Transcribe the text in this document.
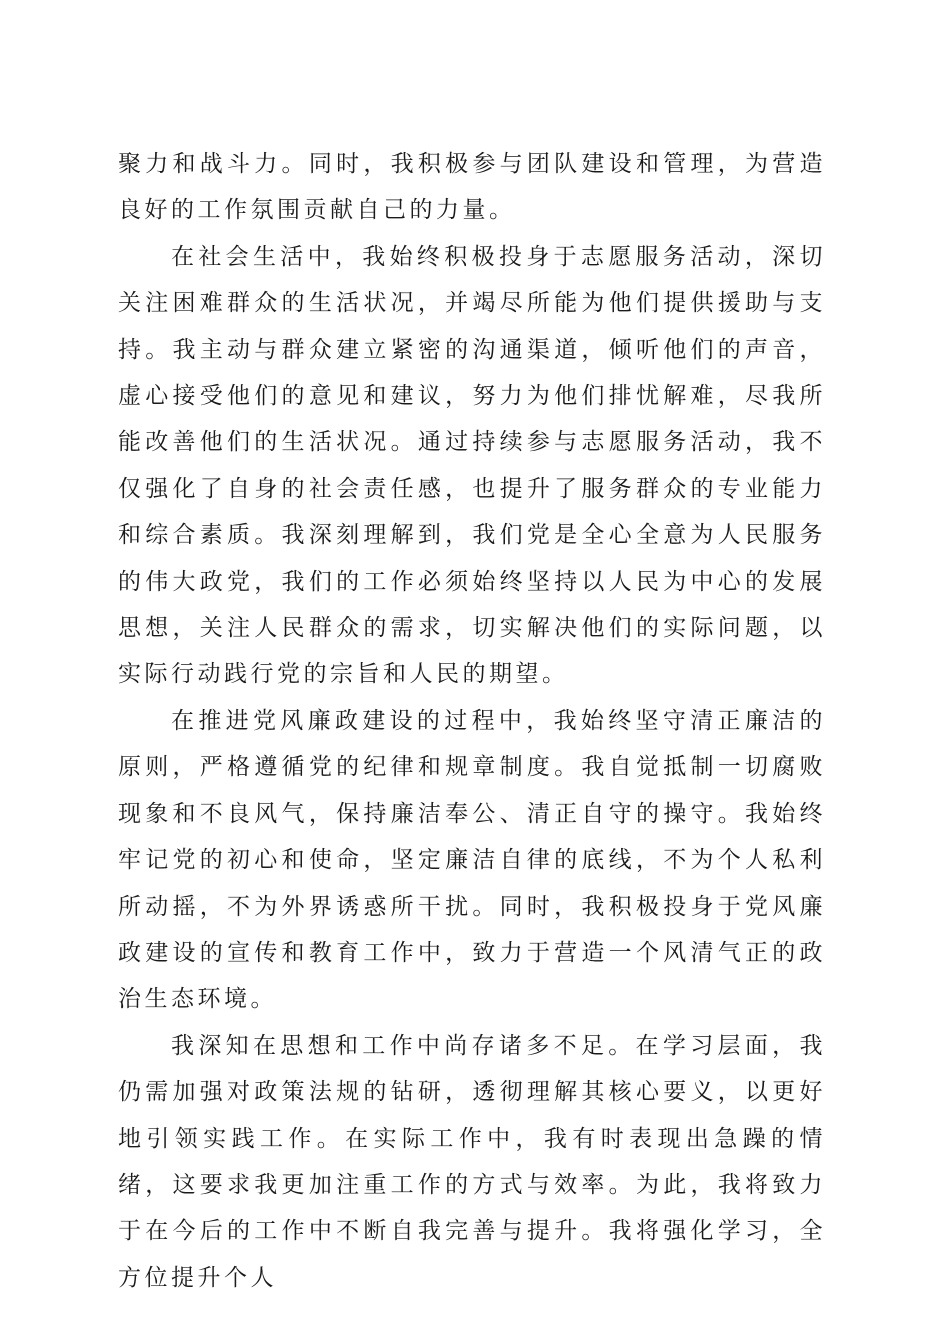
聚力和战斗力。同时，我积极参与团队建设和管理，为营造良好的工作氛围贡献自己的力量。

在社会生活中，我始终积极投身于志愿服务活动，深切关注困难群众的生活状况，并竭尽所能为他们提供援助与支持。我主动与群众建立紧密的沟通渠道，倾听他们的声音，虚心接受他们的意见和建议，努力为他们排忧解难，尽我所能改善他们的生活状况。通过持续参与志愿服务活动，我不仅强化了自身的社会责任感，也提升了服务群众的专业能力和综合素质。我深刻理解到，我们党是全心全意为人民服务的伟大政党，我们的工作必须始终坚持以人民为中心的发展思想，关注人民群众的需求，切实解决他们的实际问题，以实际行动践行党的宗旨和人民的期望。

在推进党风廉政建设的过程中，我始终坚守清正廉洁的原则，严格遵循党的纪律和规章制度。我自觉抵制一切腐败现象和不良风气，保持廉洁奉公、清正自守的操守。我始终牢记党的初心和使命，坚定廉洁自律的底线，不为个人私利所动摇，不为外界诱惑所干扰。同时，我积极投身于党风廉政建设的宣传和教育工作中，致力于营造一个风清气正的政治生态环境。

我深知在思想和工作中尚存诸多不足。在学习层面，我仍需加强对政策法规的钻研，透彻理解其核心要义，以更好地引领实践工作。在实际工作中，我有时表现出急躁的情绪，这要求我更加注重工作的方式与效率。为此，我将致力于在今后的工作中不断自我完善与提升。我将强化学习，全方位提升个人
